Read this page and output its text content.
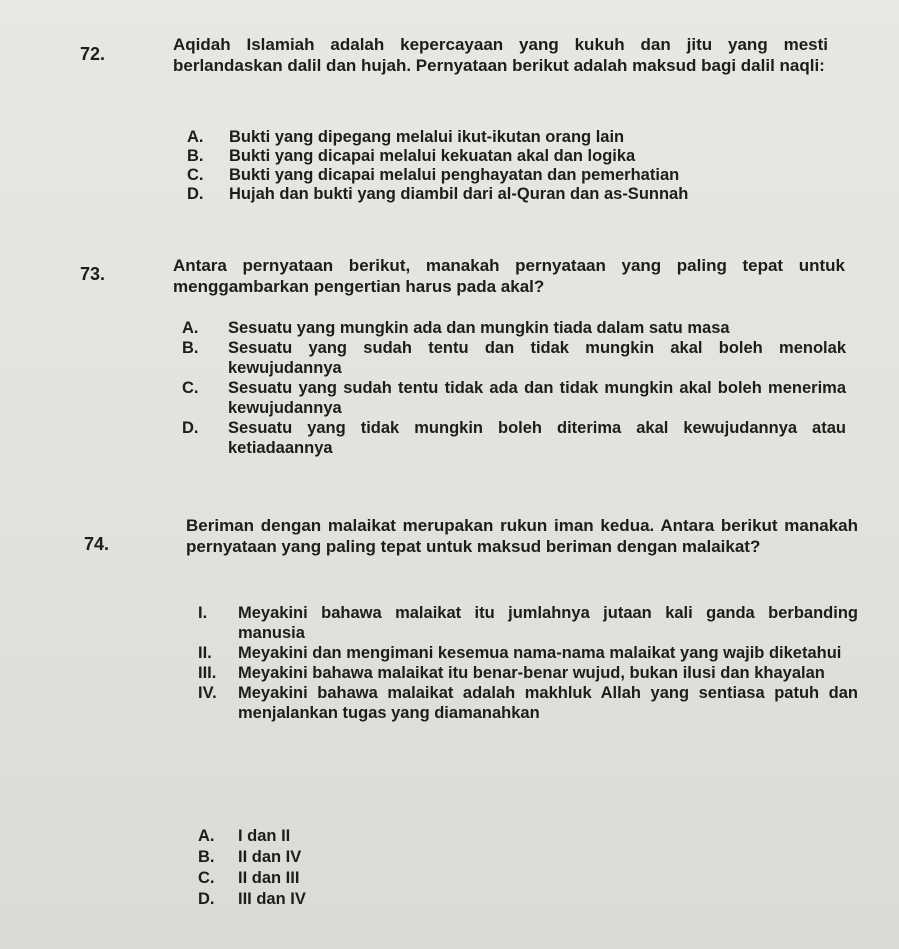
72.	Aqidah Islamiah adalah kepercayaan yang kukuh dan jitu yang mesti berlandaskan dalil dan hujah. Pernyataan berikut adalah maksud bagi dalil naqli:
A.	Bukti yang dipegang melalui ikut-ikutan orang lain
B.	Bukti yang dicapai melalui kekuatan akal dan logika
C.	Bukti yang dicapai melalui penghayatan dan pemerhatian
D.	Hujah dan bukti yang diambil dari al-Quran dan as-Sunnah
73.	Antara pernyataan berikut, manakah pernyataan yang paling tepat untuk menggambarkan pengertian harus pada akal?
A.	Sesuatu yang mungkin ada dan mungkin tiada dalam satu masa
B.	Sesuatu yang sudah tentu dan tidak mungkin akal boleh menolak kewujudannya
C.	Sesuatu yang sudah tentu tidak ada dan tidak mungkin akal boleh menerima kewujudannya
D.	Sesuatu yang tidak mungkin boleh diterima akal kewujudannya atau ketiadaannya
74.
Beriman dengan malaikat merupakan rukun iman kedua. Antara berikut manakah pernyataan yang paling tepat untuk maksud beriman dengan malaikat?
I.	Meyakini bahawa malaikat itu jumlahnya jutaan kali ganda berbanding manusia
II.	Meyakini dan mengimani kesemua nama-nama malaikat yang wajib diketahui
III.	Meyakini bahawa malaikat itu benar-benar wujud, bukan ilusi dan khayalan
IV.	Meyakini bahawa malaikat adalah makhluk Allah yang sentiasa patuh dan menjalankan tugas yang diamanahkan
A.	I dan II
B.	II dan IV
C.	II dan III
D.	III dan IV
